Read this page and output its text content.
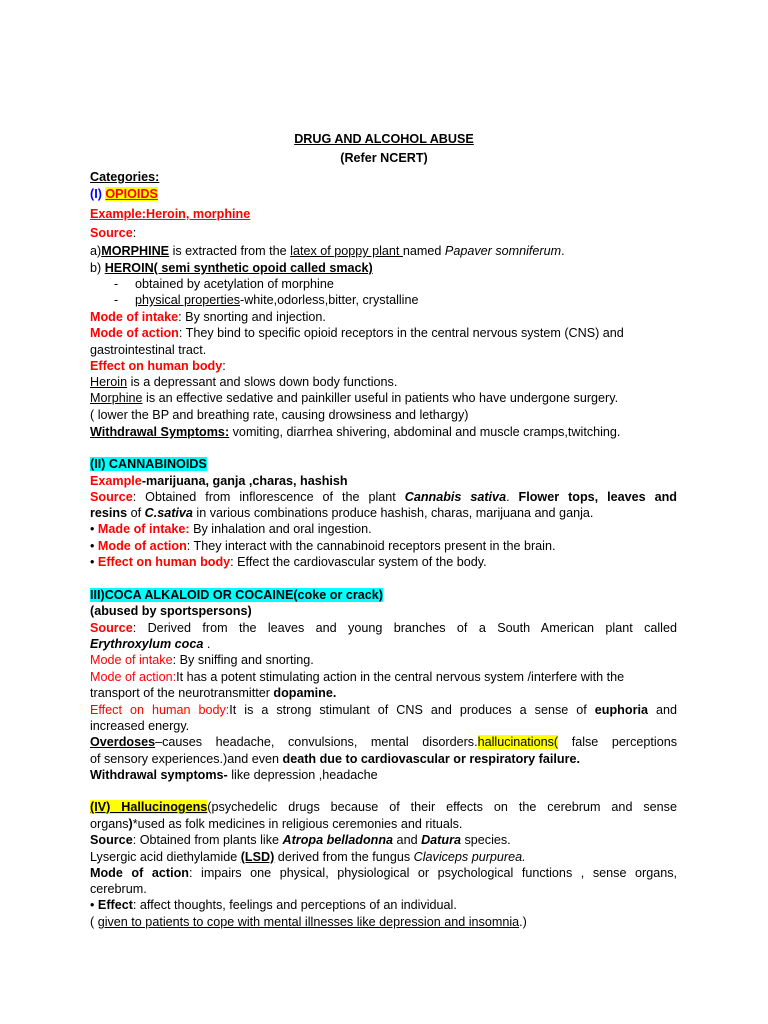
DRUG AND ALCOHOL ABUSE
(Refer NCERT)
Categories:
(I) OPIOIDS
Example:Heroin, morphine
Source:
a)MORPHINE is extracted from the latex of poppy plant named Papaver somniferum.
b) HEROIN( semi synthetic opoid called smack)
- obtained by acetylation of morphine
- physical properties-white,odorless,bitter, crystalline
Mode of intake: By snorting and injection.
Mode of action: They bind to specific opioid receptors in the central nervous system (CNS) and
gastrointestinal tract.
Effect on human body:
Heroin is a depressant and slows down body functions.
Morphine is an effective sedative and painkiller useful in patients who have undergone surgery.
( lower the BP and breathing rate, causing drowsiness and lethargy)
Withdrawal Symptoms: vomiting, diarrhea shivering, abdominal and muscle cramps,twitching.
(II) CANNABINOIDS
Example-marijuana, ganja ,charas, hashish
Source: Obtained from inflorescence of the plant Cannabis sativa. Flower tops, leaves and
resins of C.sativa in various combinations produce hashish, charas, marijuana and ganja.
• Made of intake: By inhalation and oral ingestion.
• Mode of action: They interact with the cannabinoid receptors present in the brain.
• Effect on human body: Effect the cardiovascular system of the body.
III)COCA ALKALOID OR COCAINE(coke or crack)
(abused by sportspersons)
Source: Derived from the leaves and young branches of a South American plant called
Erythroxylum coca .
Mode of intake: By sniffing and snorting.
Mode of action:It has a potent stimulating action in the central nervous system /interfere with the
transport of the neurotransmitter dopamine.
Effect on human body:It is a strong stimulant of CNS and produces a sense of euphoria and
increased energy.
Overdoses–causes headache, convulsions, mental disorders.hallucinations( false perceptions
of sensory experiences.)and even death due to cardiovascular or respiratory failure.
Withdrawal symptoms- like depression ,headache
(IV) Hallucinogens(psychedelic drugs because of their effects on the cerebrum and sense
organs)*used as folk medicines in religious ceremonies and rituals.
Source: Obtained from plants like Atropa belladonna and Datura species.
Lysergic acid diethylamide (LSD) derived from the fungus Claviceps purpurea.
Mode of action: impairs one physical, physiological or psychological functions , sense organs,
cerebrum.
• Effect: affect thoughts, feelings and perceptions of an individual.
( given to patients to cope with mental illnesses like depression and insomnia.)
